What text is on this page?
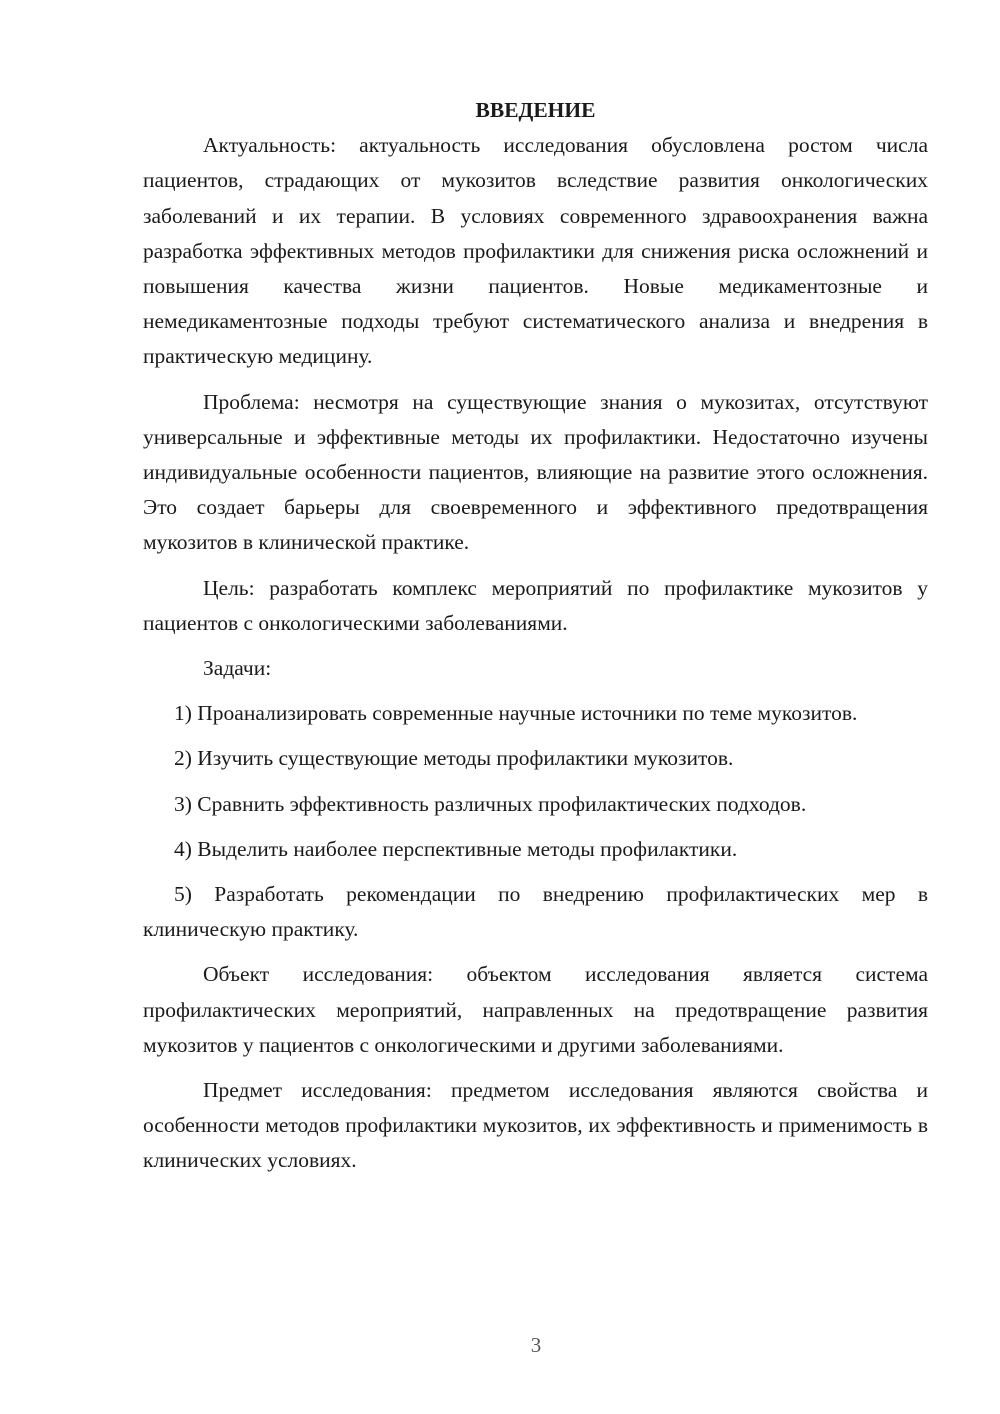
ВВЕДЕНИЕ

Актуальность: актуальность исследования обусловлена ростом числа пациентов, страдающих от мукозитов вследствие развития онкологических заболеваний и их терапии. В условиях современного здравоохранения важна разработка эффективных методов профилактики для снижения риска осложнений и повышения качества жизни пациентов. Новые медикаментозные и немедикаментозные подходы требуют систематического анализа и внедрения в практическую медицину.

Проблема: несмотря на существующие знания о мукозитах, отсутствуют универсальные и эффективные методы их профилактики. Недостаточно изучены индивидуальные особенности пациентов, влияющие на развитие этого осложнения. Это создает барьеры для своевременного и эффективного предотвращения мукозитов в клинической практике.

Цель: разработать комплекс мероприятий по профилактике мукозитов у пациентов с онкологическими заболеваниями.

Задачи:

1) Проанализировать современные научные источники по теме мукозитов.

2) Изучить существующие методы профилактики мукозитов.

3) Сравнить эффективность различных профилактических подходов.

4) Выделить наиболее перспективные методы профилактики.

5) Разработать рекомендации по внедрению профилактических мер в клиническую практику.

Объект исследования: объектом исследования является система профилактических мероприятий, направленных на предотвращение развития мукозитов у пациентов с онкологическими и другими заболеваниями.

Предмет исследования: предметом исследования являются свойства и особенности методов профилактики мукозитов, их эффективность и применимость в клинических условиях.

3
